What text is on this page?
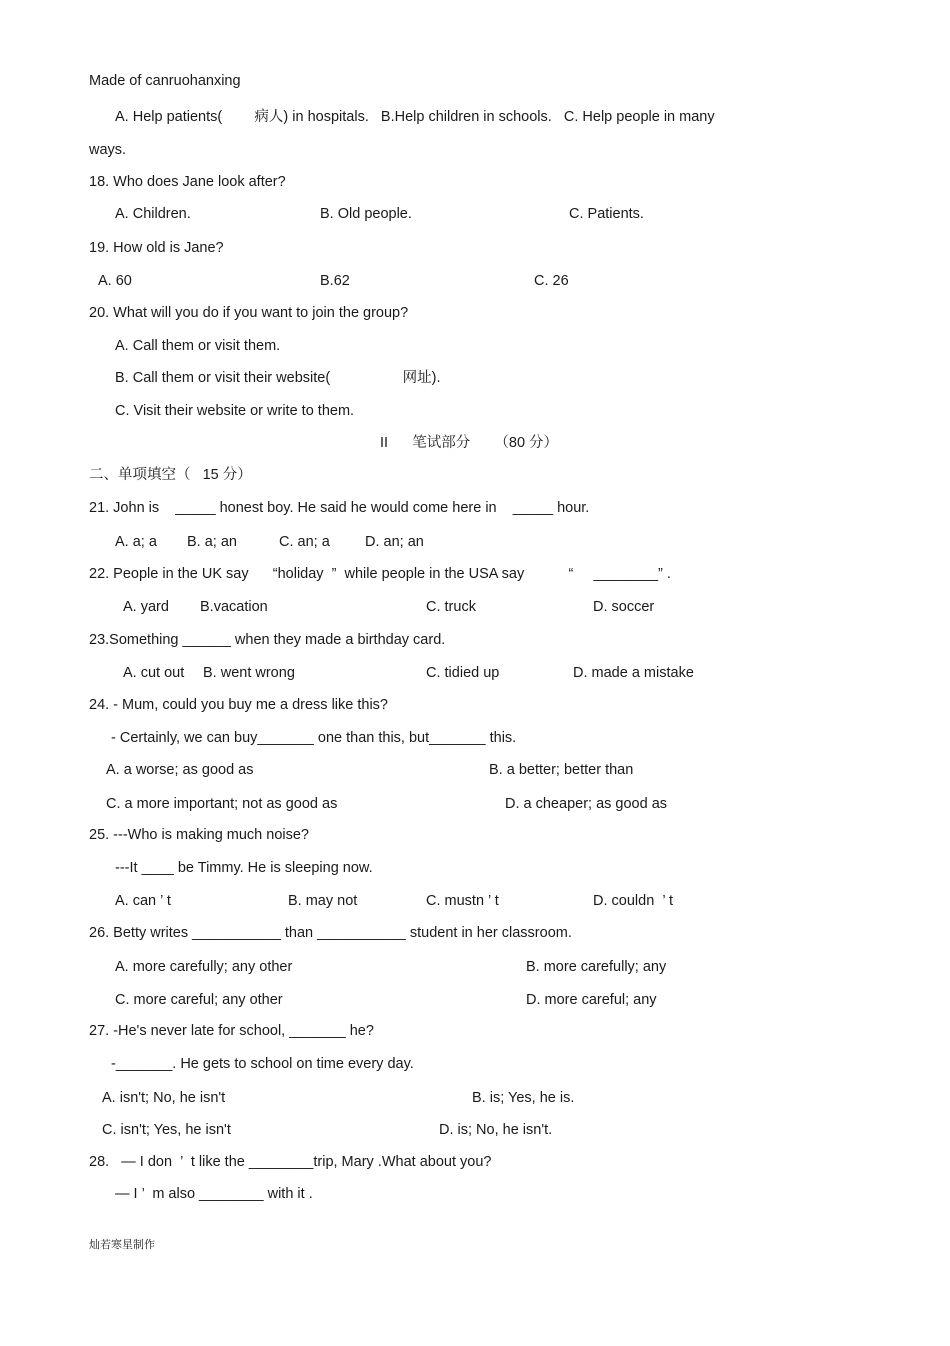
Made of canruohanxing
A. Help patients(        病人) in hospitals.   B.Help children in schools.   C. Help people in many
ways.
18. Who does Jane look after?
A. Children.	B. Old people.	C. Patients.
19. How old is Jane?
A. 60	B.62	C. 26
20. What will you do if you want to join the group?
A. Call them or visit them.
B. Call them or visit their website(                  网址).
C. Visit their website or write to them.
II      笔试部分      （80 分）
二、单项填空（   15 分）
21. John is    _____ honest boy. He said he would come here in    _____ hour.
A. a; a B. a; an	C. an; a D. an; an
22. People in the UK say      “holiday  ”  while people in the USA say           “     ________” .
A. yard B.vacation	C. truck	D. soccer
23.Something ______ when they made a birthday card.
A. cut out B. went wrong	C. tidied up	D. made a mistake
24. - Mum, could you buy me a dress like this?
- Certainly, we can buy_______ one than this, but_______ this.
A. a worse; as good as	B. a better; better than
C. a more important; not as good as	D. a cheaper; as good as
25. ---Who is making much noise?
---It ____ be Timmy. He is sleeping now.
A. can ’ t	B. may not	C. mustn ’ t	D. couldn  ’ t
26. Betty writes ___________ than ___________ student in her classroom.
A. more carefully; any other	B. more carefully; any
C. more careful; any other	D. more careful; any
27. -He's never late for school, _______ he?
-_______. He gets to school on time every day.
A. isn't; No, he isn't	B. is; Yes, he is.
C. isn't; Yes, he isn't	D. is; No, he isn't.
28.   — I don  ’  t like the ________trip, Mary .What about you?
— I ’  m also ________ with it .
灿若寒星制作
